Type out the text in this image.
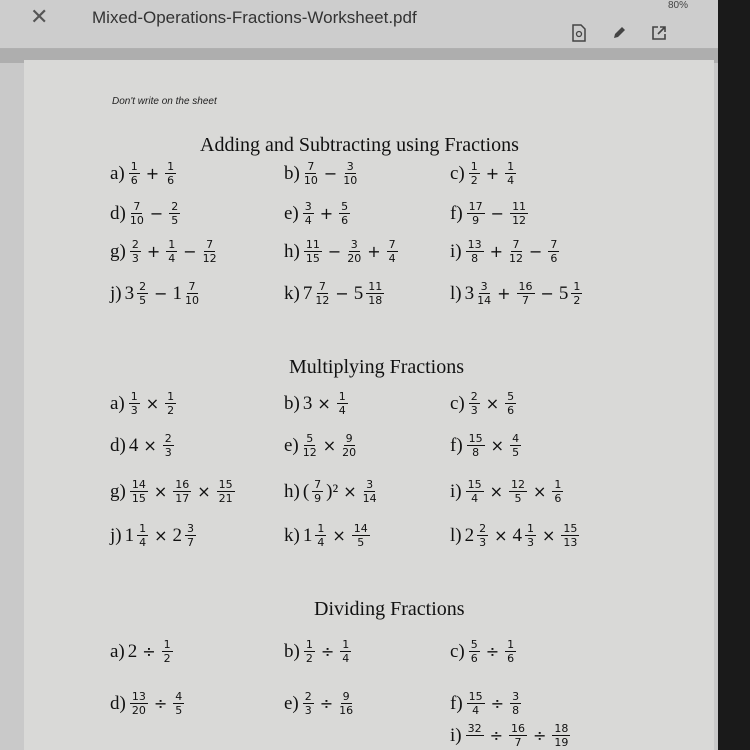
80%
✕	Mixed-Operations-Fractions-Worksheet.pdf
Don't write on the sheet
Adding and Subtracting using Fractions
$a) \frac{1}{6} + \frac{1}{6}$	$b) \frac{7}{10} - \frac{3}{10}$	$c) \frac{1}{2} + \frac{1}{4}$
$d) \frac{7}{10} - \frac{2}{5}$	$e) \frac{3}{4} + \frac{5}{6}$	$f) \frac{17}{9} - \frac{11}{12}$
$g) \frac{2}{3} + \frac{1}{4} - \frac{7}{12}$	$h) \frac{11}{15} - \frac{3}{20} + \frac{7}{4}$	$i) \frac{13}{8} + \frac{7}{12} - \frac{7}{6}$
j) $3 \frac{2}{5} - 1 \frac{7}{10}$	k) $7 \frac{7}{12} - 5 \frac{11}{18}$	l) $3 \frac{3}{14} + \frac{16}{7} - 5 \frac{1}{2}$
Multiplying Fractions
$a) \frac{1}{3} \times \frac{1}{2}$	b) $3 \times \frac{1}{4}$	$c) \frac{2}{3} \times \frac{5}{6}$
d) $4 \times \frac{2}{3}$	$e) \frac{5}{12} \times \frac{9}{20}$	$f) \frac{15}{8} \times \frac{4}{5}$
$g) \frac{14}{15} \times \frac{16}{17} \times \frac{15}{21}$	h) ( $\frac{7}{9} )^2 \times \frac{3}{14}$	$i) \frac{15}{4} \times \frac{12}{5} \times \frac{1}{6}$
j) $1 \frac{1}{4} \times 2 \frac{3}{7}$	k) $1 \frac{1}{4} \times \frac{14}{5}$	l) $2 \frac{2}{3} \times 4 \frac{1}{3} \times \frac{15}{13}$
Dividing Fractions
a) $2 \div \frac{1}{2}$	$b) \frac{1}{2} \div \frac{1}{4}$	$c) \frac{5}{6} \div \frac{1}{6}$
$d) \frac{13}{20} \div \frac{4}{5}$	$e) \frac{2}{3} \div \frac{9}{16}$	$f) \frac{15}{4} \div \frac{3}{8}$
i) 32
÷ $\frac{16}{7} \div \frac{18}{19}$
